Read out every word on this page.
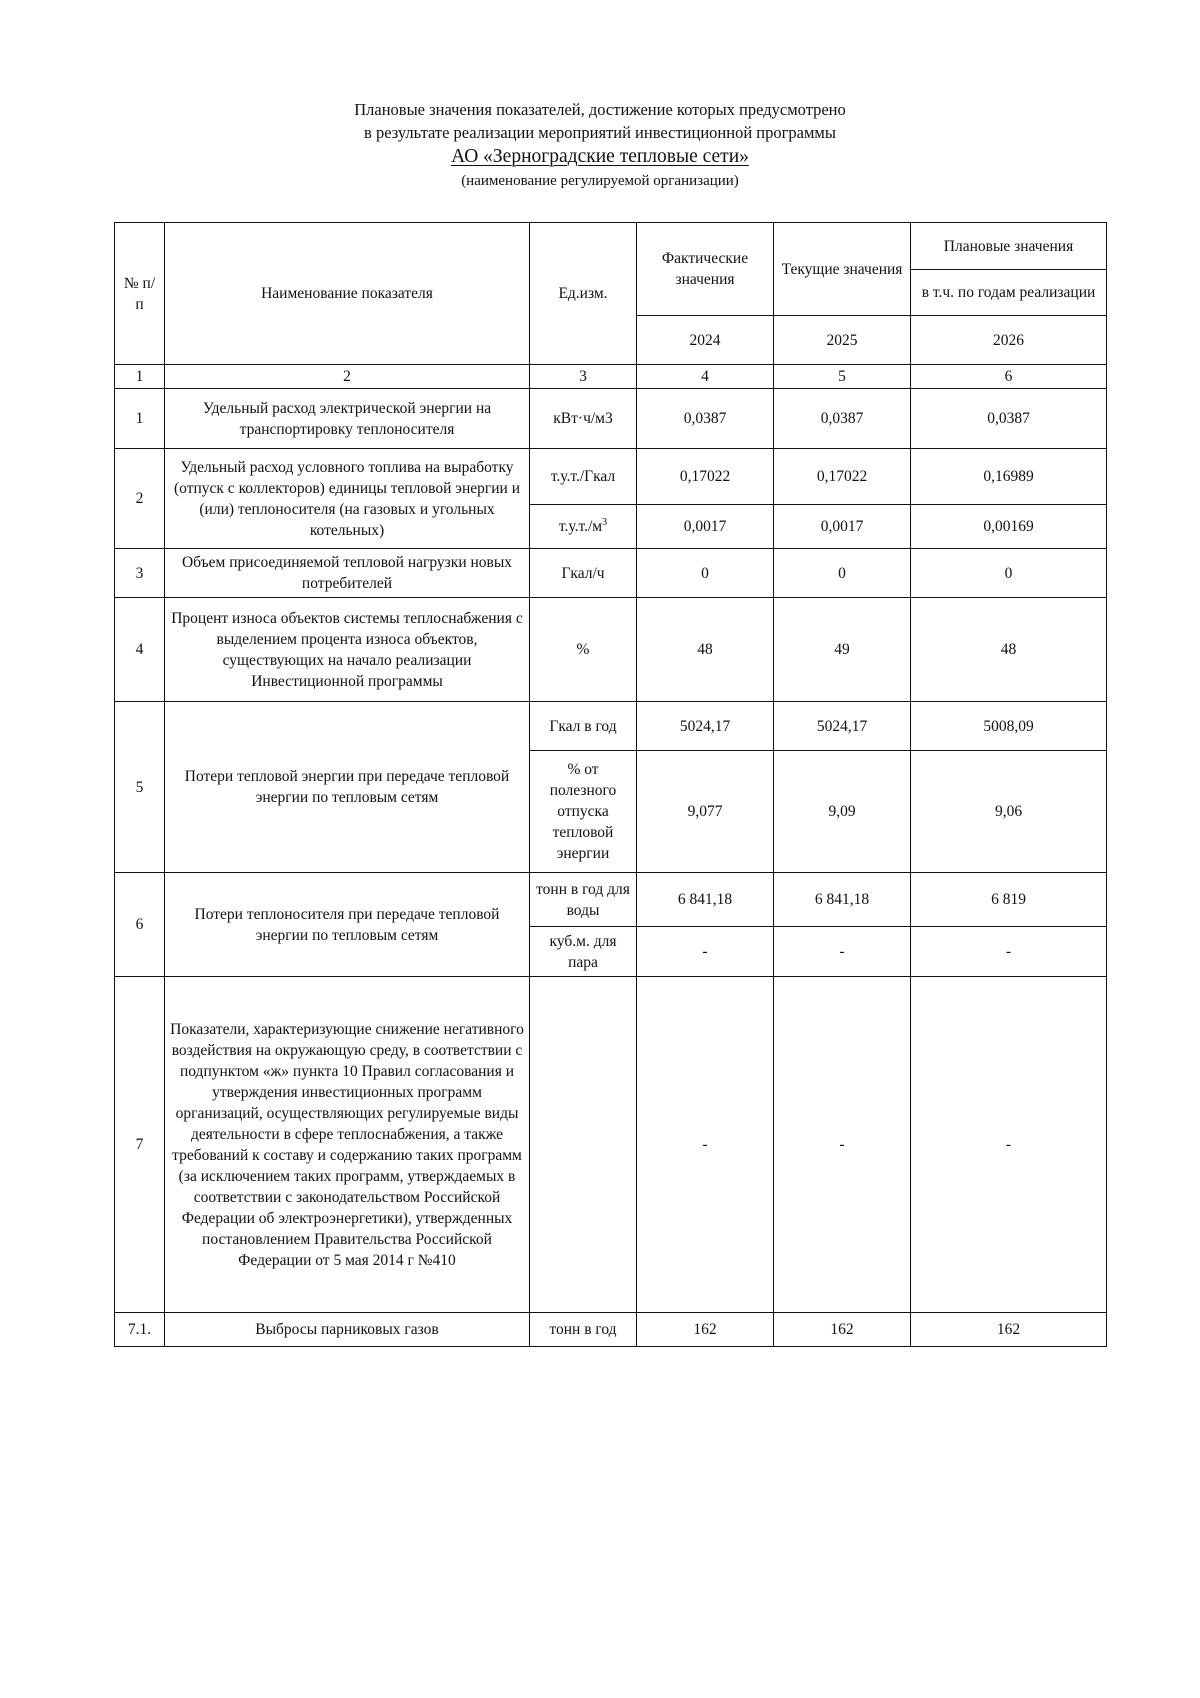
Плановые значения показателей, достижение которых предусмотрено
в результате реализации мероприятий инвестиционной программы
АО «Зерноградские тепловые сети»
(наименование регулируемой организации)
№ п/п	Наименование показателя	Ед.изм.	Фактические значения	Текущие значения	Плановые значения
					в т.ч. по годам реализации
			2024	2025	2026
1	2	3	4	5	6
1	Удельный расход электрической энергии на транспортировку теплоносителя	кВт·ч/м3	0,0387	0,0387	0,0387
2	Удельный расход условного топлива на выработку (отпуск с коллекторов) единицы тепловой энергии и (или) теплоносителя (на газовых и угольных котельных)	т.у.т./Гкал	0,17022	0,17022	0,16989
		$т.у.т./м^3$	0,0017	0,0017	0,00169
3	Объем присоединяемой тепловой нагрузки новых потребителей	Гкал/ч	0	0	0
4	Процент износа объектов системы теплоснабжения с выделением процента износа объектов, существующих на начало реализации Инвестиционной программы	%	48	49	48
5	Потери тепловой энергии при передаче тепловой энергии по тепловым сетям	Гкал в год	5024,17	5024,17	5008,09
		% от полезного отпуска тепловой энергии	9,077	9,09	9,06
6	Потери теплоносителя при передаче тепловой энергии по тепловым сетям	тонн в год для воды	6 841,18	6 841,18	6 819
		куб.м. для пара	-	-	-
7	Показатели, характеризующие снижение негативного воздействия на окружающую среду, в соответствии с подпунктом «ж» пункта 10 Правил согласования и утверждения инвестиционных программ организаций, осуществляющих регулируемые виды деятельности в сфере теплоснабжения, а также требований к составу и содержанию таких программ (за исключением таких программ, утверждаемых в соответствии с законодательством Российской Федерации об электроэнергетики), утвержденных постановлением Правительства Российской Федерации от 5 мая 2014 г №410		-	-	-
7.1.	Выбросы парниковых газов	тонн в год	162	162	162
